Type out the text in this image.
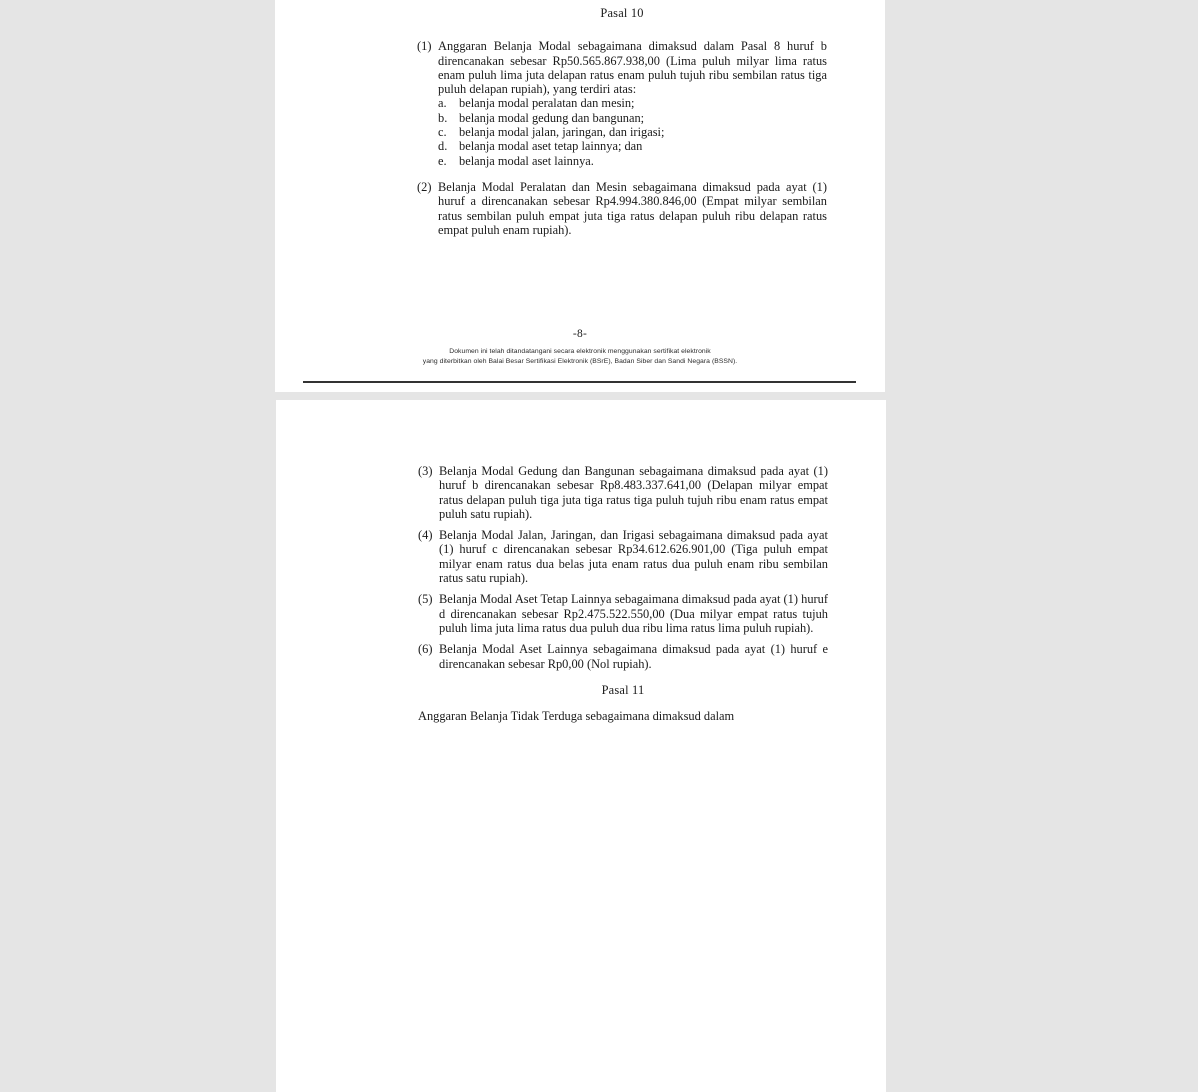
Pasal 10
(1) Anggaran Belanja Modal sebagaimana dimaksud dalam Pasal 8 huruf b direncanakan sebesar Rp50.565.867.938,00 (Lima puluh milyar lima ratus enam puluh lima juta delapan ratus enam puluh tujuh ribu sembilan ratus tiga puluh delapan rupiah), yang terdiri atas:
a. belanja modal peralatan dan mesin;
b. belanja modal gedung dan bangunan;
c. belanja modal jalan, jaringan, dan irigasi;
d. belanja modal aset tetap lainnya; dan
e. belanja modal aset lainnya.
(2) Belanja Modal Peralatan dan Mesin sebagaimana dimaksud pada ayat (1) huruf a direncanakan sebesar Rp4.994.380.846,00 (Empat milyar sembilan ratus sembilan puluh empat juta tiga ratus delapan puluh ribu delapan ratus empat puluh enam rupiah).
-8-
Dokumen ini telah ditandatangani secara elektronik menggunakan sertifikat elektronik
yang diterbitkan oleh Balai Besar Sertifikasi Elektronik (BSrE), Badan Siber dan Sandi Negara (BSSN).
(3) Belanja Modal Gedung dan Bangunan sebagaimana dimaksud pada ayat (1) huruf b direncanakan sebesar Rp8.483.337.641,00 (Delapan milyar empat ratus delapan puluh tiga juta tiga ratus tiga puluh tujuh ribu enam ratus empat puluh satu rupiah).
(4) Belanja Modal Jalan, Jaringan, dan Irigasi sebagaimana dimaksud pada ayat (1) huruf c direncanakan sebesar Rp34.612.626.901,00 (Tiga puluh empat milyar enam ratus dua belas juta enam ratus dua puluh enam ribu sembilan ratus satu rupiah).
(5) Belanja Modal Aset Tetap Lainnya sebagaimana dimaksud pada ayat (1) huruf d direncanakan sebesar Rp2.475.522.550,00 (Dua milyar empat ratus tujuh puluh lima juta lima ratus dua puluh dua ribu lima ratus lima puluh rupiah).
(6) Belanja Modal Aset Lainnya sebagaimana dimaksud pada ayat (1) huruf e direncanakan sebesar Rp0,00 (Nol rupiah).
Pasal 11
Anggaran Belanja Tidak Terduga sebagaimana dimaksud dalam
